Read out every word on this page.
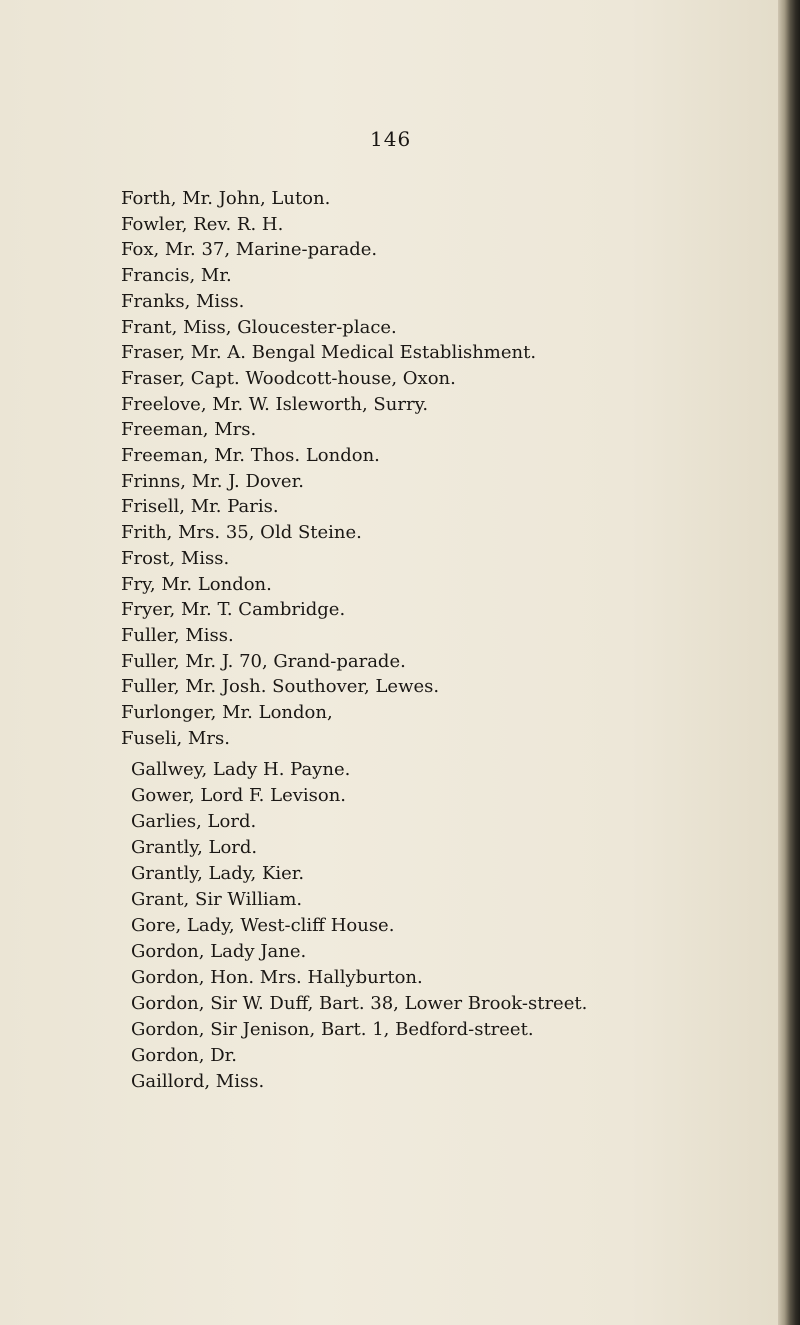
146
Forth, Mr. John, Luton.
Fowler, Rev. R. H.
Fox, Mr. 37, Marine-parade.
Francis, Mr.
Franks, Miss.
Frant, Miss, Gloucester-place.
Fraser, Mr. A. Bengal Medical Establishment.
Fraser, Capt. Woodcott-house, Oxon.
Freelove, Mr. W. Isleworth, Surry.
Freeman, Mrs.
Freeman, Mr. Thos. London.
Frinns, Mr. J. Dover.
Frisell, Mr. Paris.
Frith, Mrs. 35, Old Steine.
Frost, Miss.
Fry, Mr. London.
Fryer, Mr. T. Cambridge.
Fuller, Miss.
Fuller, Mr. J. 70, Grand-parade.
Fuller, Mr. Josh. Southover, Lewes.
Furlonger, Mr. London,
Fuseli, Mrs.
Gallwey, Lady H. Payne.
Gower, Lord F. Levison.
Garlies, Lord.
Grantly, Lord.
Grantly, Lady, Kier.
Grant, Sir William.
Gore, Lady, West-cliff House.
Gordon, Lady Jane.
Gordon, Hon. Mrs. Hallyburton.
Gordon, Sir W. Duff, Bart. 38, Lower Brook-street.
Gordon, Sir Jenison, Bart. 1, Bedford-street.
Gordon, Dr.
Gaillord, Miss.
